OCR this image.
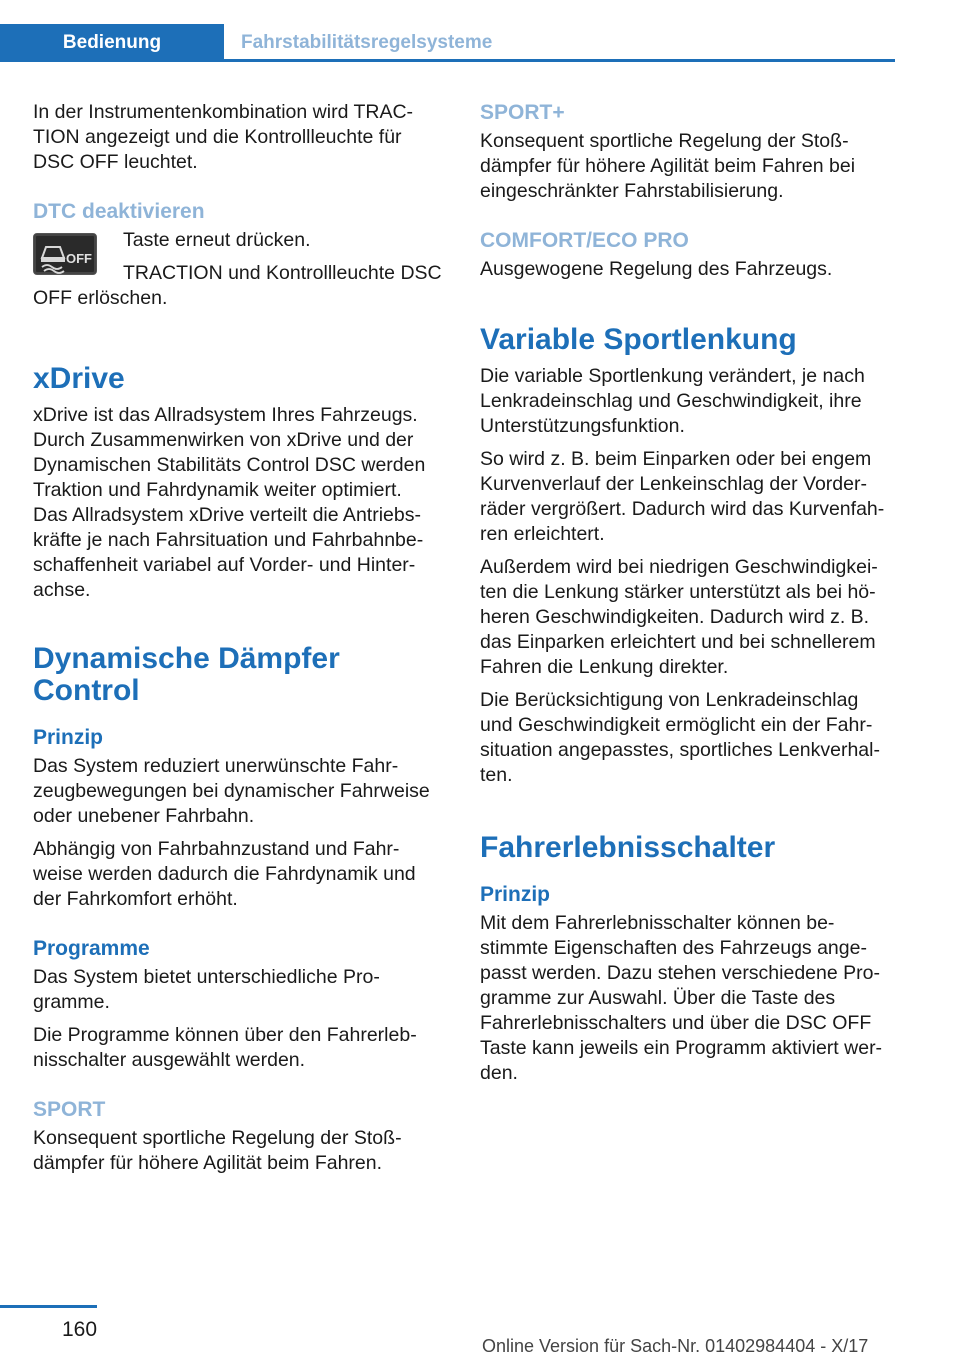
Bedienung	Fahrstabilitätsregelsysteme

In der Instrumentenkombination wird TRAC‐
TION angezeigt und die Kontrollleuchte für
DSC OFF leuchtet.

DTC deaktivieren
OFF

Taste erneut drücken.

TRACTION und Kontrollleuchte DSC

OFF erlöschen.

xDrive

xDrive ist das Allradsystem Ihres Fahrzeugs.
Durch Zusammenwirken von xDrive und der
Dynamischen Stabilitäts Control DSC werden
Traktion und Fahrdynamik weiter optimiert.
Das Allradsystem xDrive verteilt die Antriebs‐
kräfte je nach Fahrsituation und Fahrbahnbe‐
schaffenheit variabel auf Vorder- und Hinter‐
achse.

Dynamische Dämpfer
Control
Prinzip

Das System reduziert unerwünschte Fahr‐
zeugbewegungen bei dynamischer Fahrweise
oder unebener Fahrbahn.

Abhängig von Fahrbahnzustand und Fahr‐
weise werden dadurch die Fahrdynamik und
der Fahrkomfort erhöht.

Programme

Das System bietet unterschiedliche Pro‐
gramme.

Die Programme können über den Fahrerleb‐
nisschalter ausgewählt werden.

SPORT

Konsequent sportliche Regelung der Stoß‐
dämpfer für höhere Agilität beim Fahren.

SPORT+

Konsequent sportliche Regelung der Stoß‐
dämpfer für höhere Agilität beim Fahren bei
eingeschränkter Fahrstabilisierung.

COMFORT/ECO PRO

Ausgewogene Regelung des Fahrzeugs.

Variable Sportlenkung

Die variable Sportlenkung verändert, je nach
Lenkradeinschlag und Geschwindigkeit, ihre
Unterstützungsfunktion.

So wird z. B. beim Einparken oder bei engem
Kurvenverlauf der Lenkeinschlag der Vorder‐
räder vergrößert. Dadurch wird das Kurvenfah‐
ren erleichtert.

Außerdem wird bei niedrigen Geschwindigkei‐
ten die Lenkung stärker unterstützt als bei hö‐
heren Geschwindigkeiten. Dadurch wird z. B.
das Einparken erleichtert und bei schnellerem
Fahren die Lenkung direkter.

Die Berücksichtigung von Lenkradeinschlag
und Geschwindigkeit ermöglicht ein der Fahr‐
situation angepasstes, sportliches Lenkverhal‐
ten.

Fahrerlebnisschalter
Prinzip

Mit dem Fahrerlebnisschalter können be‐
stimmte Eigenschaften des Fahrzeugs ange‐
passt werden. Dazu stehen verschiedene Pro‐
gramme zur Auswahl. Über die Taste des
Fahrerlebnisschalters und über die DSC OFF
Taste kann jeweils ein Programm aktiviert wer‐
den.

160
Online Version für Sach-Nr. 01402984404 - X/17
